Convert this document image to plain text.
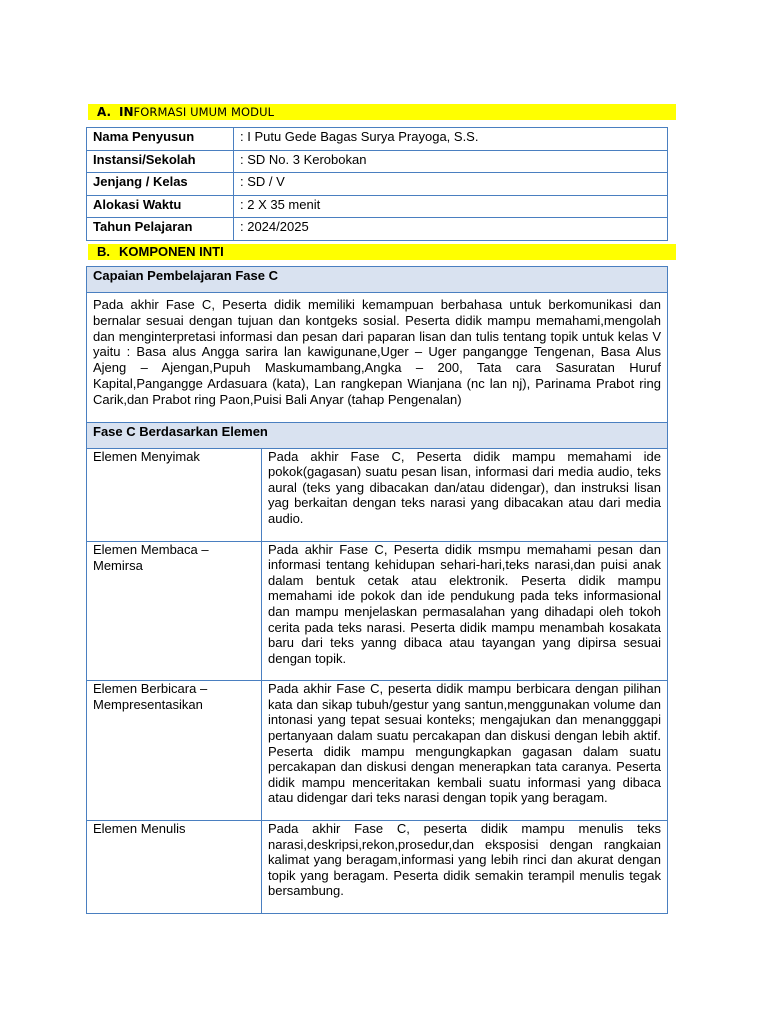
A. INFORMASI UMUM MODUL
Nama Penyusun	: I Putu Gede Bagas Surya Prayoga, S.S.
Instansi/Sekolah	: SD No. 3 Kerobokan
Jenjang / Kelas	: SD / V
Alokasi Waktu	: 2 X 35 menit
Tahun Pelajaran	: 2024/2025
B. KOMPONEN INTI
Capaian Pembelajaran Fase C	
Pada akhir Fase C, Peserta didik memiliki kemampuan berbahasa untuk berkomunikasi dan bernalar sesuai dengan tujuan dan kontgeks sosial. Peserta didik mampu memahami,mengolah dan menginterpretasi informasi dan pesan dari paparan lisan dan tulis tentang topik untuk kelas V yaitu : Basa alus Angga sarira lan kawigunane,Uger – Uger pangangge Tengenan, Basa Alus Ajeng – Ajengan,Pupuh Maskumambang,Angka – 200, Tata cara Sasuratan Huruf Kapital,Pangangge Ardasuara (kata), Lan rangkepan Wianjana (nc lan nj), Parinama Prabot ring Carik,dan Prabot ring Paon,Puisi Bali Anyar (tahap Pengenalan)	
Fase C Berdasarkan Elemen	
Elemen Menyimak	Pada akhir Fase C, Peserta didik mampu memahami ide pokok(gagasan) suatu pesan lisan, informasi dari media audio, teks aural (teks yang dibacakan dan/atau didengar), dan instruksi lisan yag berkaitan dengan teks narasi yang dibacakan atau dari media audio.
Elemen Membaca – Memirsa	Pada akhir Fase C, Peserta didik msmpu memahami pesan dan informasi tentang kehidupan sehari-hari,teks narasi,dan puisi anak dalam bentuk cetak atau elektronik. Peserta didik mampu memahami ide pokok dan ide pendukung pada teks informasional dan mampu menjelaskan permasalahan yang dihadapi oleh tokoh cerita pada teks narasi. Peserta didik mampu menambah kosakata baru dari teks yanng dibaca atau tayangan yang dipirsa sesuai dengan topik.
Elemen Berbicara – Mempresentasikan	Pada akhir Fase C, peserta didik mampu berbicara dengan pilihan kata dan sikap tubuh/gestur yang santun,menggunakan volume dan intonasi yang tepat sesuai konteks; mengajukan dan menangggapi pertanyaan dalam suatu percakapan dan diskusi dengan lebih aktif. Peserta didik mampu mengungkapkan gagasan dalam suatu percakapan dan diskusi dengan menerapkan tata caranya. Peserta didik mampu menceritakan kembali suatu informasi yang dibaca atau didengar dari teks narasi dengan topik yang beragam.
Elemen Menulis	Pada akhir Fase C, peserta didik mampu menulis teks narasi,deskripsi,rekon,prosedur,dan eksposisi dengan rangkaian kalimat yang beragam,informasi yang lebih rinci dan akurat dengan topik yang beragam. Peserta didik semakin terampil menulis tegak bersambung.
